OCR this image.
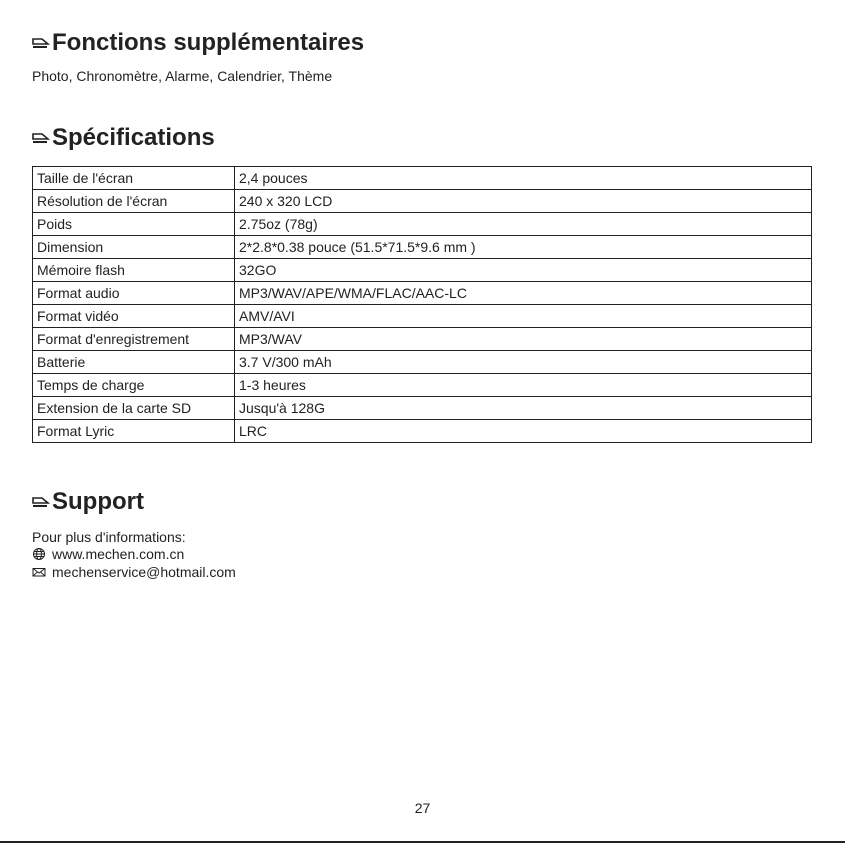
Fonctions supplémentaires

Photo, Chronomètre, Alarme, Calendrier, Thème

Spécifications
Taille de l'écran	2,4 pouces
Résolution de l'écran	240 x 320 LCD
Poids	2.75oz (78g)
Dimension	2*2.8*0.38 pouce (51.5*71.5*9.6 mm )
Mémoire flash	32GO
Format audio	MP3/WAV/APE/WMA/FLAC/AAC-LC
Format vidéo	AMV/AVI
Format d'enregistrement	MP3/WAV
Batterie	3.7 V/300 mAh
Temps de charge	1-3 heures
Extension de la carte SD	Jusqu'à 128G
Format Lyric	LRC
Support

Pour plus d'informations:

www.mechen.com.cn
mechenservice@hotmail.com
27
